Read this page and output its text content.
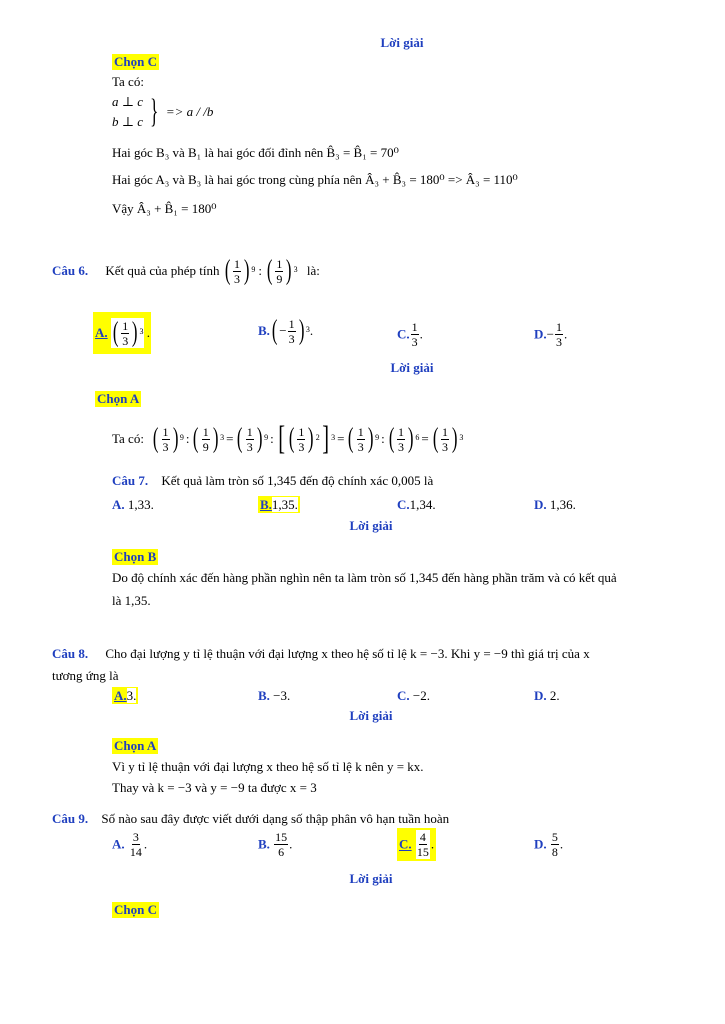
Lời giải
Chọn C
Ta có:
a ⊥ c
b ⊥ c } => a / /b
Hai góc B₃ và B₁ là hai góc đối đỉnh nên B̂₃ = B̂₁ = 70⁰
Hai góc A₃ và B₃ là hai góc trong cùng phía nên Â₃ + B̂₃ = 180⁰ => Â₃ = 110⁰
Vậy Â₃ + B̂₁ = 180⁰
Câu 6. Kết quả của phép tính ( 1
3 )$^9$ : ( 1
9 )$^3$ là:
A. ( 1
3 )$^3$ .	B. ( − $\frac{1}{3} )^3$ .	C. $\frac{1}{3}$ .	$D.- \frac{1}{3}$ .
Lời giải
Chọn A
Ta có: ( 1
3 )$^9$ : ( 1
9 )$^3$ = ( 1
3 )$^9$ : [ ( 1
3 )$^2$ ] $^3$ = ( 1
3 )$^9$ : ( 1
3 )$^6$ = ( 1
3 )$^3$
Câu 7. Kết quả làm tròn số 1,345 đến độ chính xác 0,005 là
A. 1,33.	B.1,35.	C.1,34.	D. 1,36.
Lời giải
Chọn B
Do độ chính xác đến hàng phần nghìn nên ta làm tròn số 1,345 đến hàng phần trăm và có kết quả
là 1,35.
Câu 8. Cho đại lượng y tỉ lệ thuận với đại lượng x theo hệ số tỉ lệ k = −3. Khi y = −9 thì giá trị của x
tương ứng là
A.3.	B. −3.	C. −2.	D. 2.
Lời giải
Chọn A
Vì y tỉ lệ thuận với đại lượng x theo hệ số tỉ lệ k nên y = kx.
Thay và k = −3 và y = −9 ta được x = 3
Câu 9. Số nào sau đây được viết dưới dạng số thập phân vô hạn tuần hoàn
A. $\frac{3}{14}$ .	B. $\frac{15}{6}$ .	C. $\frac{4}{15}$ .	D. $\frac{5}{8}$ .
Lời giải
Chọn C
